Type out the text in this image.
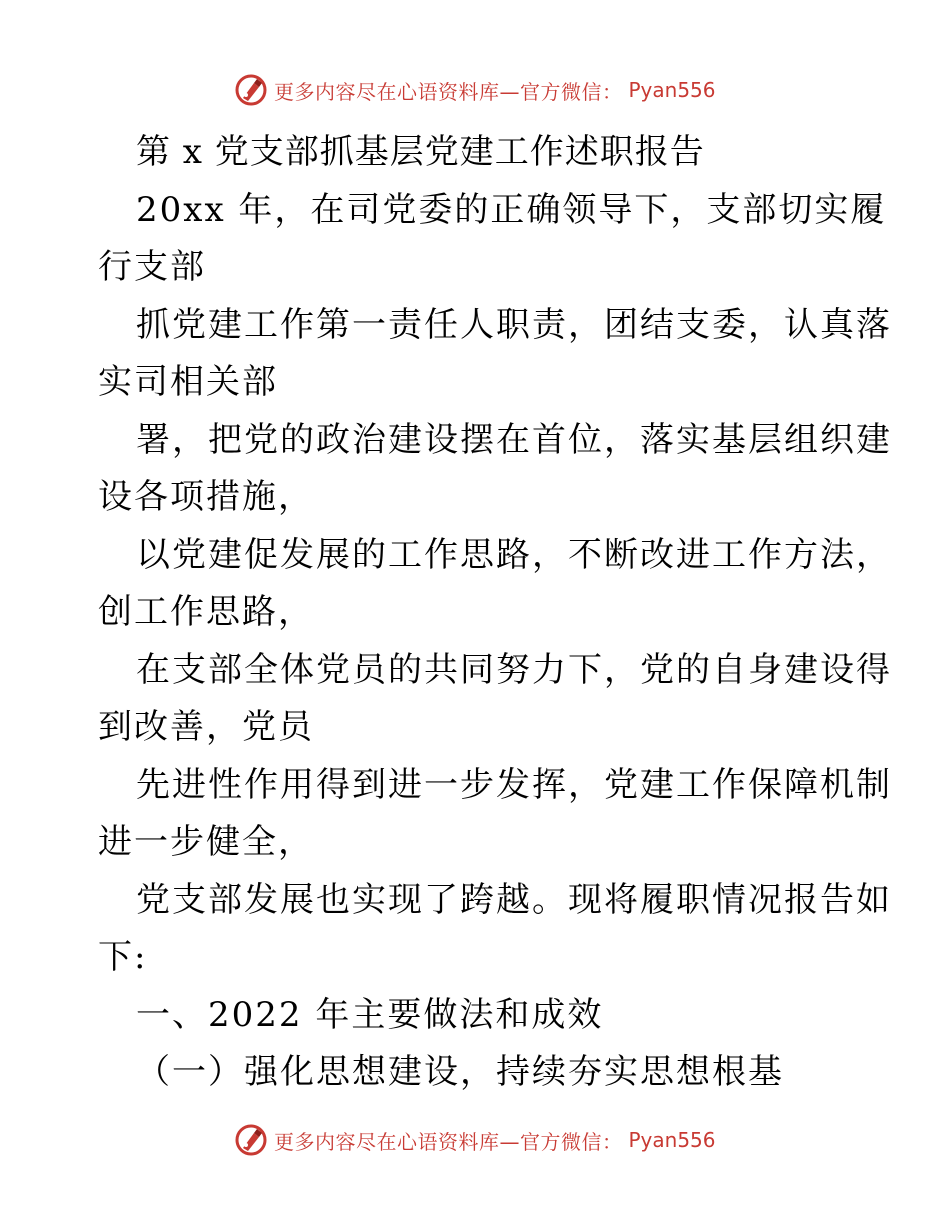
更多内容尽在心语资料库—官方微信： Pyan556
第 x 党支部抓基层党建工作述职报告
20xx 年，在司党委的正确领导下，支部切实履
行支部
抓党建工作第一责任人职责，团结支委，认真落
实司相关部
署，把党的政治建设摆在首位，落实基层组织建
设各项措施，
以党建促发展的工作思路，不断改进工作方法，
创工作思路，
在支部全体党员的共同努力下，党的自身建设得
到改善，党员
先进性作用得到进一步发挥，党建工作保障机制
进一步健全，
党支部发展也实现了跨越。现将履职情况报告如
下:
一、2022 年主要做法和成效
（一）强化思想建设，持续夯实思想根基
更多内容尽在心语资料库—官方微信： Pyan556
